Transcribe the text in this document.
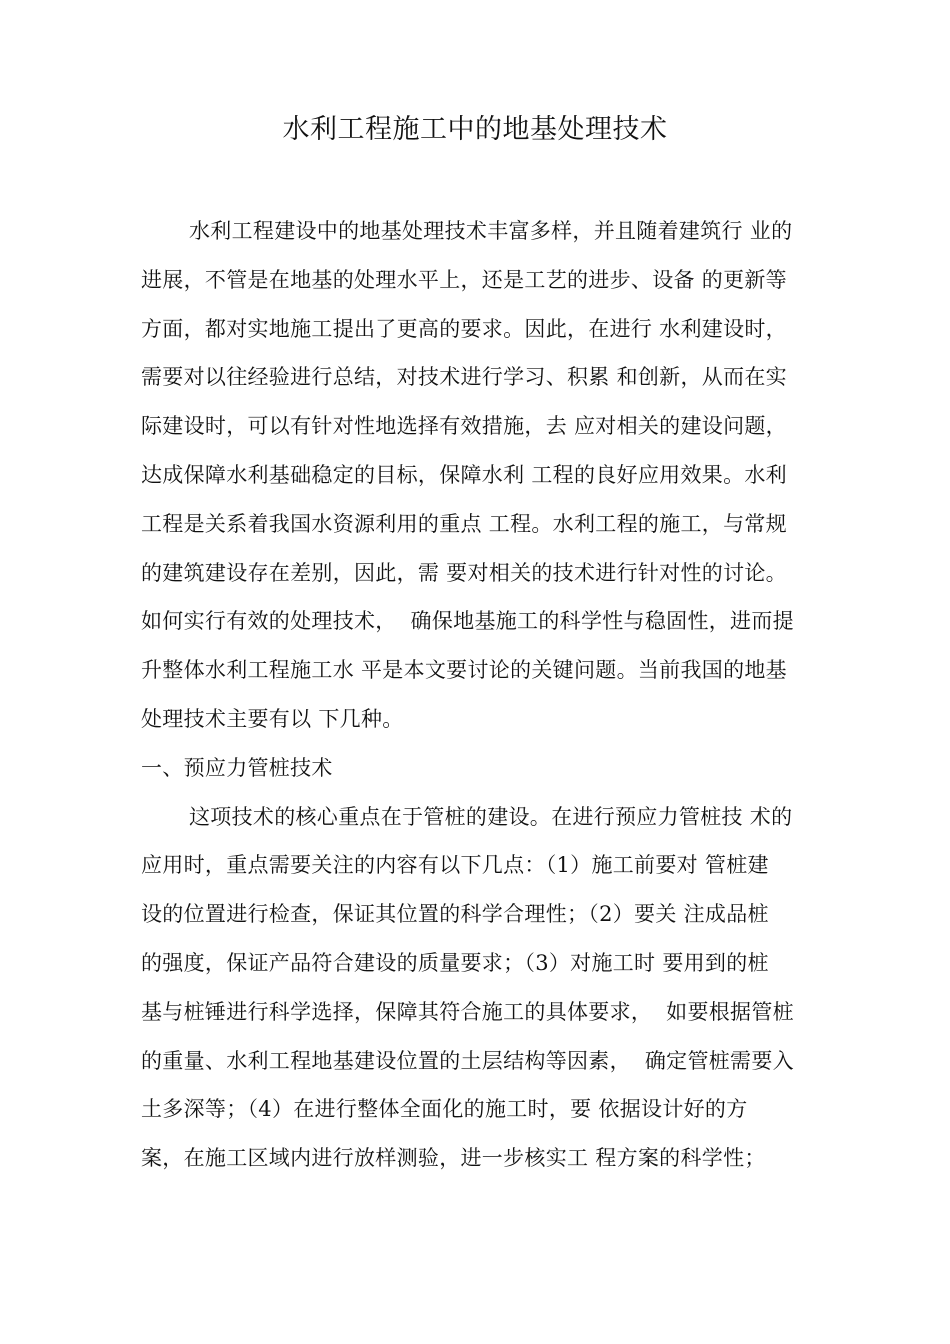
水利工程施工中的地基处理技术
水利工程建设中的地基处理技术丰富多样，并且随着建筑行 业的
进展，不管是在地基的处理水平上，还是工艺的进步、设备 的更新等
方面，都对实地施工提出了更高的要求。因此，在进行 水利建设时，
需要对以往经验进行总结，对技术进行学习、积累 和创新，从而在实
际建设时，可以有针对性地选择有效措施，去 应对相关的建设问题，
达成保障水利基础稳定的目标，保障水利 工程的良好应用效果。水利
工程是关系着我国水资源利用的重点 工程。水利工程的施工，与常规
的建筑建设存在差别，因此，需 要对相关的技术进行针对性的讨论。
如何实行有效的处理技术，  确保地基施工的科学性与稳固性，进而提
升整体水利工程施工水 平是本文要讨论的关键问题。当前我国的地基
处理技术主要有以 下几种。
一、预应力管桩技术
这项技术的核心重点在于管桩的建设。在进行预应力管桩技 术的
应用时，重点需要关注的内容有以下几点：（1）施工前要对 管桩建
设的位置进行检查，保证其位置的科学合理性；（2）要关 注成品桩
的强度，保证产品符合建设的质量要求；（3）对施工时 要用到的桩
基与桩锤进行科学选择，保障其符合施工的具体要求，  如要根据管桩
的重量、水利工程地基建设位置的土层结构等因素，  确定管桩需要入
土多深等；（4）在进行整体全面化的施工时，要 依据设计好的方
案，在施工区域内进行放样测验，进一步核实工 程方案的科学性；
